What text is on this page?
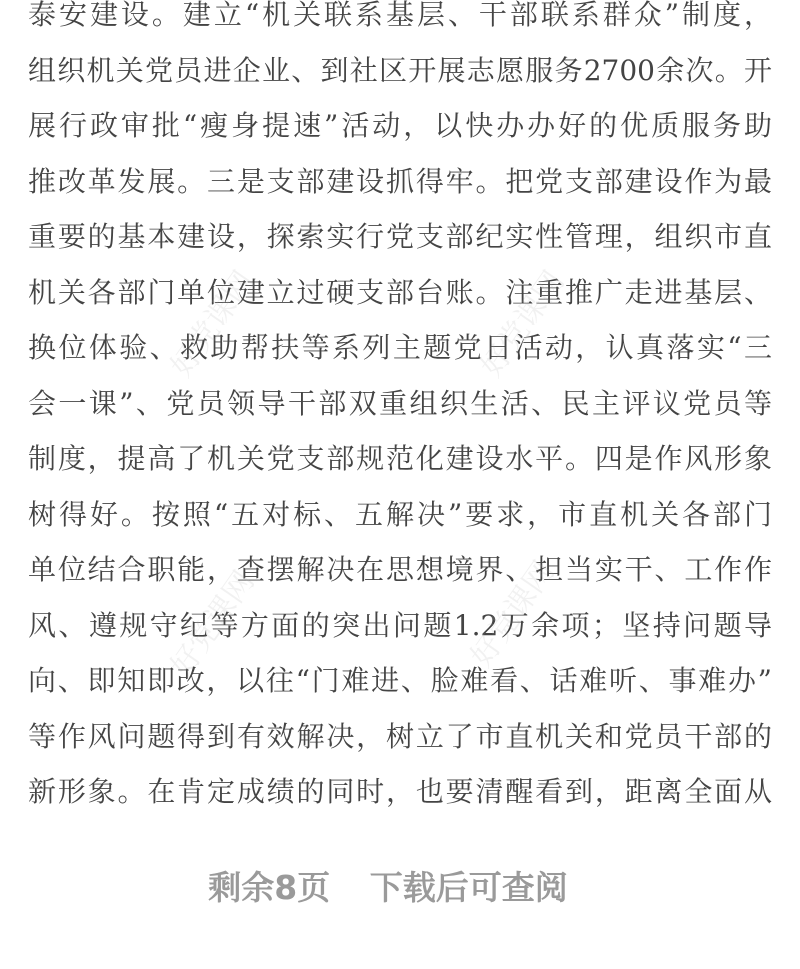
泰安建设。建立“机关联系基层、干部联系群众”制度，
组织机关党员进企业、到社区开展志愿服务2700余次。开
展行政审批“瘦身提速”活动，以快办办好的优质服务助
推改革发展。三是支部建设抓得牢。把党支部建设作为最
重要的基本建设，探索实行党支部纪实性管理，组织市直
机关各部门单位建立过硬支部台账。注重推广走进基层、
换位体验、救助帮扶等系列主题党日活动，认真落实“三
会一课”、党员领导干部双重组织生活、民主评议党员等
制度，提高了机关党支部规范化建设水平。四是作风形象
树得好。按照“五对标、五解决”要求，市直机关各部门
单位结合职能，查摆解决在思想境界、担当实干、工作作
风、遵规守纪等方面的突出问题1.2万余项；坚持问题导
向、即知即改，以往“门难进、脸难看、话难听、事难办”
等作风问题得到有效解决，树立了市直机关和党员干部的
新形象。在肯定成绩的同时，也要清醒看到，距离全面从
好党课网	好党课网
好党课网	好党课网
剩余8页 下载后可查阅
